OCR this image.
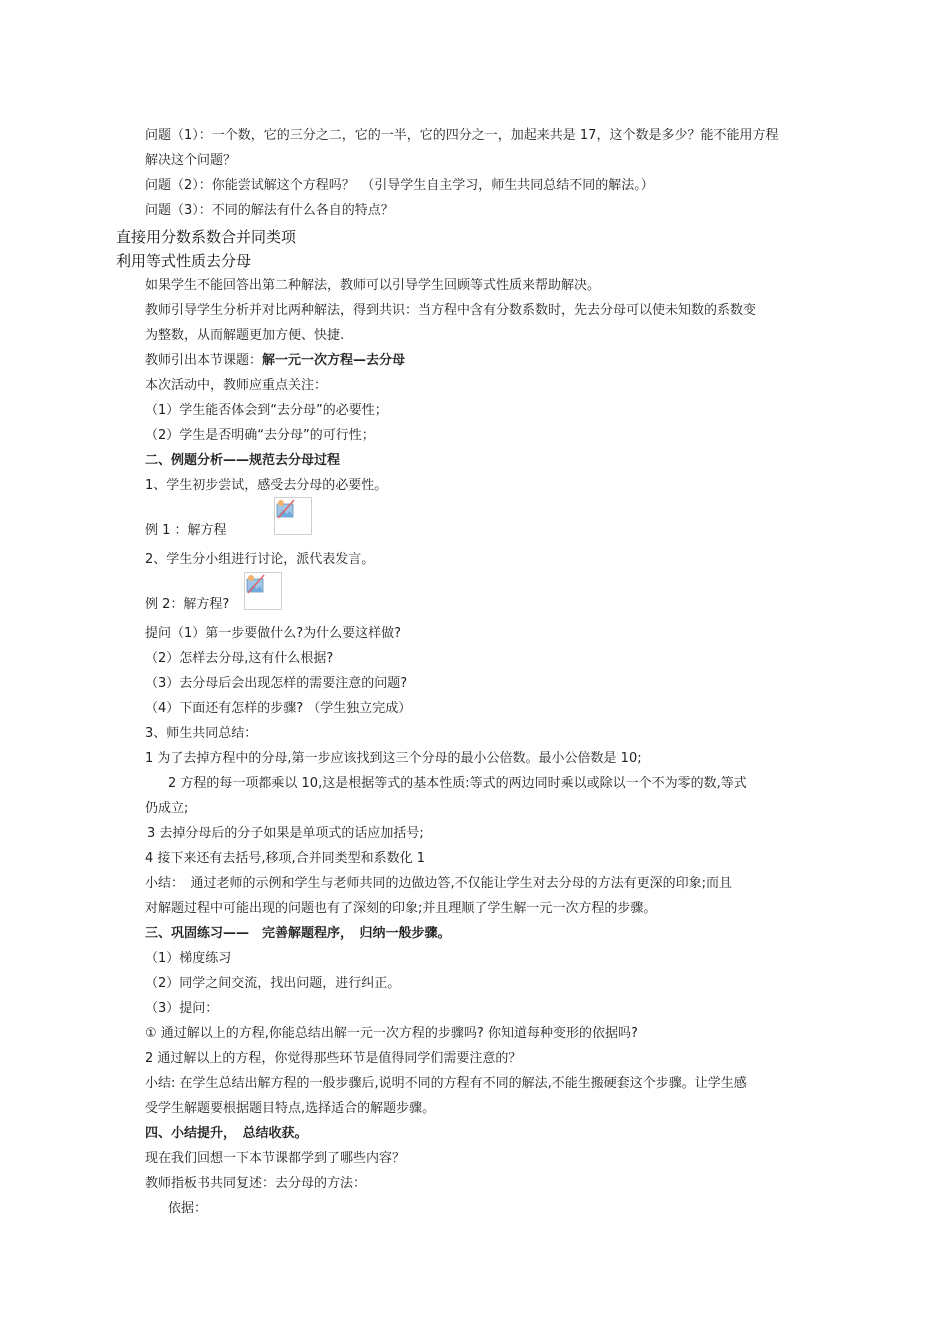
问题（1）：一个数，它的三分之二，它的一半，它的四分之一，加起来共是 17，这个数是多少？能不能用方程
解决这个问题？
问题（2）：你能尝试解这个方程吗？　（引导学生自主学习，师生共同总结不同的解法。）
问题（3）：不同的解法有什么各自的特点？
直接用分数系数合并同类项
利用等式性质去分母
如果学生不能回答出第二种解法，教师可以引导学生回顾等式性质来帮助解决。
教师引导学生分析并对比两种解法，得到共识：当方程中含有分数系数时，先去分母可以使未知数的系数变
为整数，从而解题更加方便、快捷.
教师引出本节课题：解一元一次方程—去分母
本次活动中，教师应重点关注：
（1）学生能否体会到“去分母”的必要性；
（2）学生是否明确“去分母”的可行性；
二、例题分析——规范去分母过程
1、学生初步尝试，感受去分母的必要性。
例 1 ：解方程
2、学生分小组进行讨论，派代表发言。
例 2：解方程?
提问（1）第一步要做什么?为什么要这样做?
（2）怎样去分母,这有什么根据?
（3）去分母后会出现怎样的需要注意的问题?
（4）下面还有怎样的步骤? （学生独立完成）
3、师生共同总结：
1 为了去掉方程中的分母,第一步应该找到这三个分母的最小公倍数。最小公倍数是 10;
2 方程的每一项都乘以 10,这是根据等式的基本性质:等式的两边同时乘以或除以一个不为零的数,等式
仍成立;
3 去掉分母后的分子如果是单项式的话应加括号;
4 接下来还有去括号,移项,合并同类型和系数化 1
小结：　通过老师的示例和学生与老师共同的边做边答,不仅能让学生对去分母的方法有更深的印象;而且
对解题过程中可能出现的问题也有了深刻的印象;并且理顺了学生解一元一次方程的步骤。
三、巩固练习——　完善解题程序，　归纳一般步骤。
（1）梯度练习
（2）同学之间交流，找出问题，进行纠正。
（3）提问：
① 通过解以上的方程,你能总结出解一元一次方程的步骤吗? 你知道每种变形的依据吗?
2 通过解以上的方程，你觉得那些环节是值得同学们需要注意的？
小结: 在学生总结出解方程的一般步骤后,说明不同的方程有不同的解法,不能生搬硬套这个步骤。让学生感
受学生解题要根据题目特点,选择适合的解题步骤。
四、小结提升，　总结收获。
现在我们回想一下本节课都学到了哪些内容？
教师指板书共同复述：去分母的方法：
依据：
